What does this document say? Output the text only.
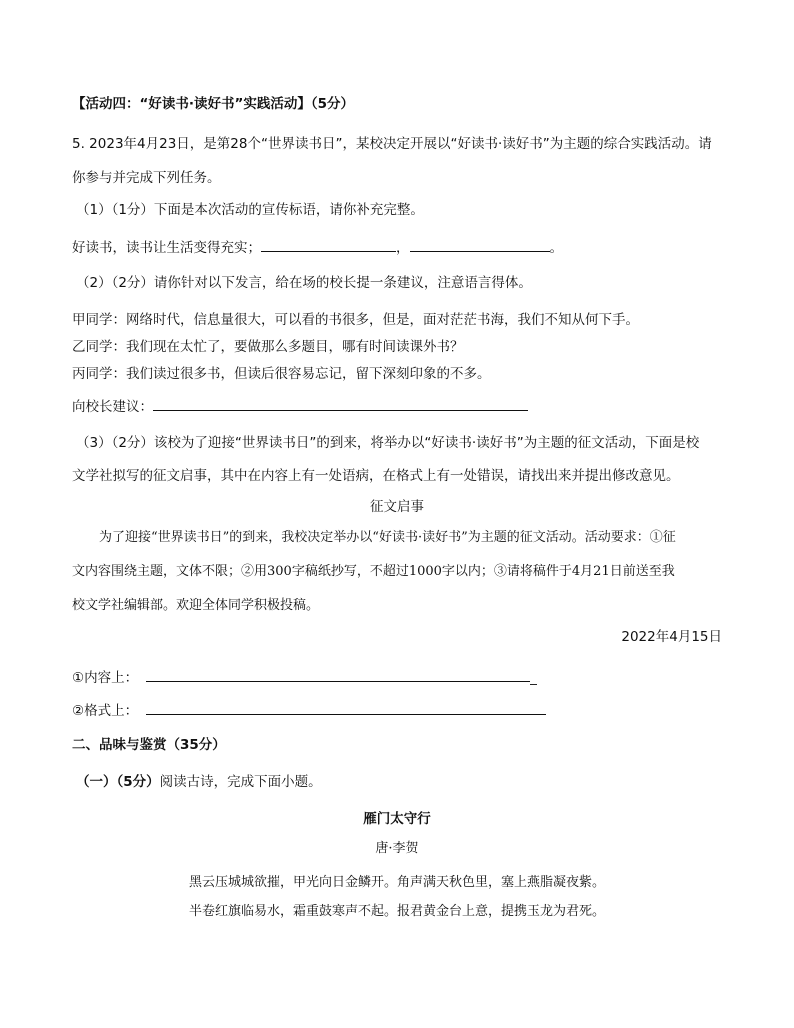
【活动四：“好读书·读好书”实践活动】（5分）
5. 2023年4月23日，是第28个“世界读书日”，某校决定开展以“好读书·读好书”为主题的综合实践活动。请
你参与并完成下列任务。
（1）（1分）下面是本次活动的宣传标语，请你补充完整。
好读书，读书让生活变得充实；	，	。
（2）（2分）请你针对以下发言，给在场的校长提一条建议，注意语言得体。
甲同学：网络时代，信息量很大，可以看的书很多，但是，面对茫茫书海，我们不知从何下手。
乙同学：我们现在太忙了，要做那么多题目，哪有时间读课外书？
丙同学：我们读过很多书，但读后很容易忘记，留下深刻印象的不多。
向校长建议：
（3）（2分）该校为了迎接“世界读书日”的到来，将举办以“好读书·读好书”为主题的征文活动，下面是校
文学社拟写的征文启事，其中在内容上有一处语病，在格式上有一处错误，请找出来并提出修改意见。
征文启事
为了迎接“世界读书日”的到来，我校决定举办以“好读书·读好书”为主题的征文活动。活动要求：①征
文内容围绕主题，文体不限；②用300字稿纸抄写，不超过1000字以内；③请将稿件于4月21日前送至我
校文学社编辑部。欢迎全体同学积极投稿。
2022年4月15日
①内容上：	_
②格式上：
二、品味与鉴赏（35分）
（一）（5分）阅读古诗，完成下面小题。
雁门太守行
唐·李贺
黑云压城城欲摧，甲光向日金鳞开。角声满天秋色里，塞上燕脂凝夜紫。
半卷红旗临易水，霜重鼓寒声不起。报君黄金台上意，提携玉龙为君死。
